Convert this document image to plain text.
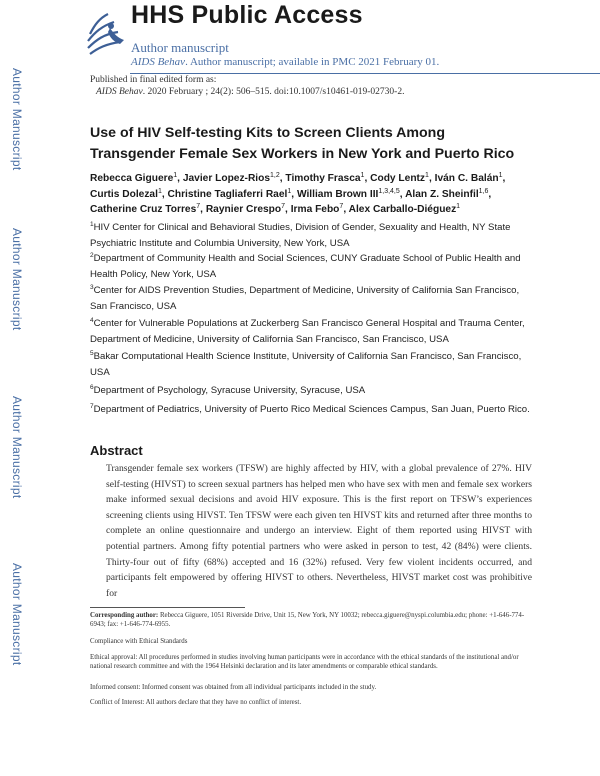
HHS Public Access
Author manuscript
AIDS Behav. Author manuscript; available in PMC 2021 February 01.
Author Manuscript
Author Manuscript
Author Manuscript
Author Manuscript
Published in final edited form as:
AIDS Behav. 2020 February ; 24(2): 506–515. doi:10.1007/s10461-019-02730-2.
Use of HIV Self-testing Kits to Screen Clients Among Transgender Female Sex Workers in New York and Puerto Rico
Rebecca Giguere$^1$, Javier Lopez-Rios$^{1,2}$, Timothy Frasca$^1$, Cody Lentz$^1$, Iván C. Balán$^1$, Curtis Dolezal$^1$, Christine Tagliaferri Rael$^1$, William Brown III$^{1,3,4,5}$, Alan Z. Sheinfil$^{1,6}$, Catherine Cruz Torres$^7$, Raynier Crespo$^7$, Irma Febo$^7$, Alex Carballo-Diéguez$^1$
$^1$HIV Center for Clinical and Behavioral Studies, Division of Gender, Sexuality and Health, NY State Psychiatric Institute and Columbia University, New York, USA
$^2$Department of Community Health and Social Sciences, CUNY Graduate School of Public Health and Health Policy, New York, USA
$^3$Center for AIDS Prevention Studies, Department of Medicine, University of California San Francisco, San Francisco, USA
$^4$Center for Vulnerable Populations at Zuckerberg San Francisco General Hospital and Trauma Center, Department of Medicine, University of California San Francisco, San Francisco, USA
$^5$Bakar Computational Health Science Institute, University of California San Francisco, San Francisco, USA
$^6$Department of Psychology, Syracuse University, Syracuse, USA
$^7$Department of Pediatrics, University of Puerto Rico Medical Sciences Campus, San Juan, Puerto Rico.
Abstract
Transgender female sex workers (TFSW) are highly affected by HIV, with a global prevalence of 27%. HIV self-testing (HIVST) to screen sexual partners has helped men who have sex with men and female sex workers make informed sexual decisions and avoid HIV exposure. This is the first report on TFSW’s experiences screening clients using HIVST. Ten TFSW were each given ten HIVST kits and returned after three months to complete an online questionnaire and undergo an interview. Eight of them reported using HIVST with potential partners. Among fifty potential partners who were asked in person to test, 42 (84%) were clients. Thirty-four out of fifty (68%) accepted and 16 (32%) refused. Very few violent incidents occurred, and participants felt empowered by offering HIVST to others. Nevertheless, HIVST market cost was prohibitive for
Corresponding author: Rebecca Giguere, 1051 Riverside Drive, Unit 15, New York, NY 10032; rebecca.giguere@nyspi.columbia.edu; phone: +1-646-774-6943; fax: +1-646-774-6955.
Compliance with Ethical Standards
Ethical approval: All procedures performed in studies involving human participants were in accordance with the ethical standards of the institutional and/or national research committee and with the 1964 Helsinki declaration and its later amendments or comparable ethical standards.
Informed consent: Informed consent was obtained from all individual participants included in the study.
Conflict of Interest: All authors declare that they have no conflict of interest.
